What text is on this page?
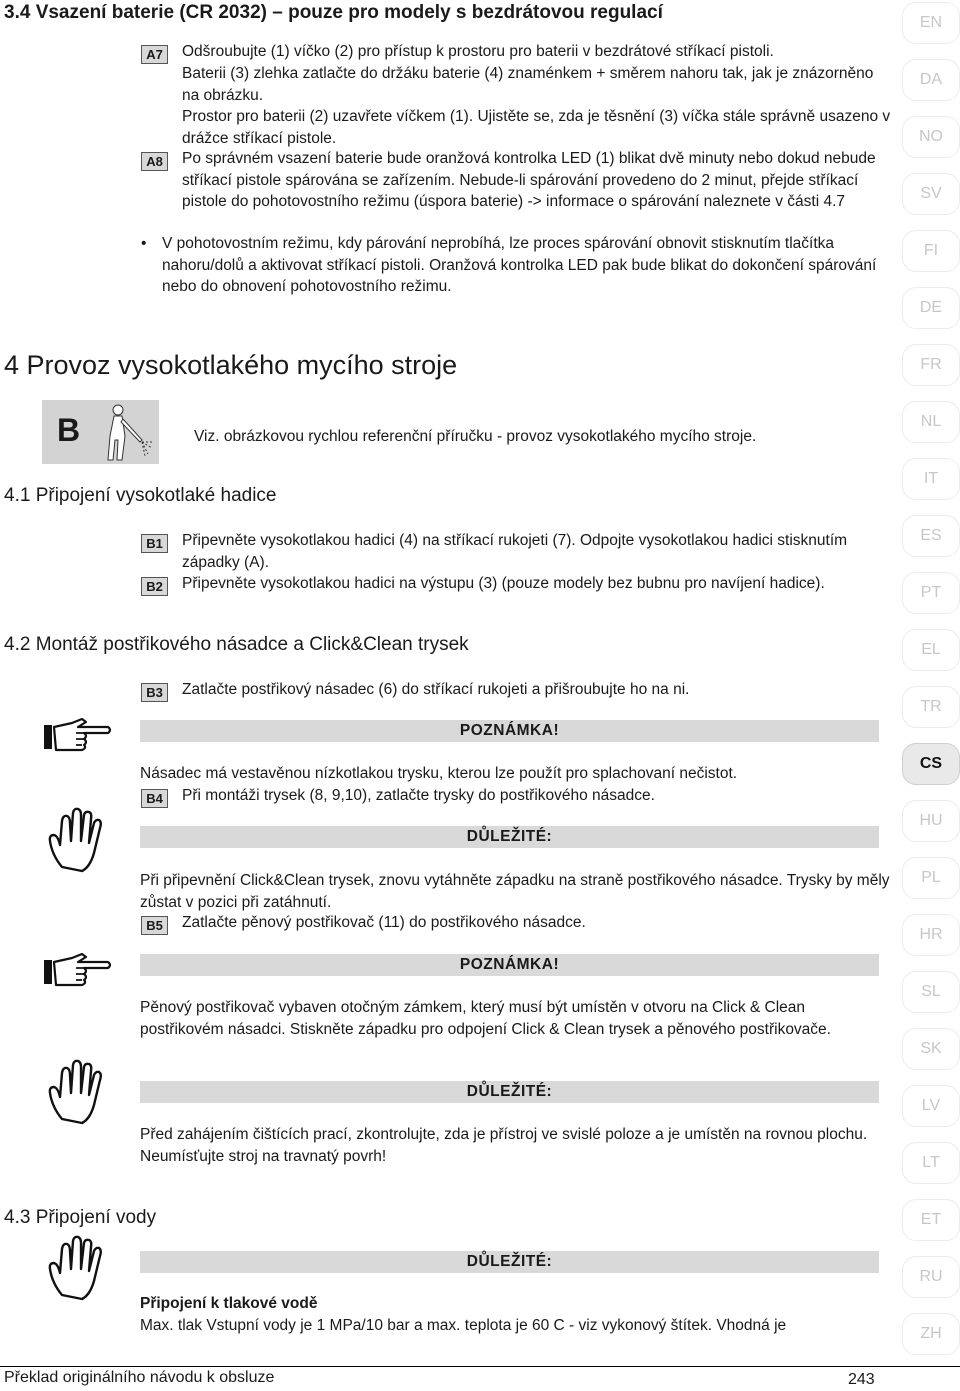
3.4 Vsazení baterie (CR 2032) – pouze pro modely s bezdrátovou regulací
A7	Odšroubujte (1) víčko (2) pro přístup k prostoru pro baterii v bezdrátové stříkací pistoli.
Baterii (3) zlehka zatlačte do držáku baterie (4) znaménkem + směrem nahoru tak, jak je znázorněno na obrázku.
Prostor pro baterii (2) uzavřete víčkem (1). Ujistěte se, zda je těsnění (3) víčka stále správně usazeno v drážce stříkací pistole.
A8	Po správném vsazení baterie bude oranžová kontrolka LED (1) blikat dvě minuty nebo dokud nebude stříkací pistole spárována se zařízením. Nebude-li spárování provedeno do 2 minut, přejde stříkací pistole do pohotovostního režimu (úspora baterie) -> informace o spárování naleznete v části 4.7
• V pohotovostním režimu, kdy párování neprobíhá, lze proces spárování obnovit stisknutím tlačítka nahoru/dolů a aktivovat stříkací pistoli. Oranžová kontrolka LED pak bude blikat do dokončení spárování nebo do obnovení pohotovostního režimu.
4 Provoz vysokotlakého mycího stroje
B	Viz. obrázkovou rychlou referenční příručku - provoz vysokotlakého mycího stroje.
4.1 Připojení vysokotlaké hadice
B1	Připevněte vysokotlakou hadici (4) na stříkací rukojeti (7). Odpojte vysokotlakou hadici stisknutím západky (A).
B2	Připevněte vysokotlakou hadici na výstupu (3) (pouze modely bez bubnu pro navíjení hadice).
4.2 Montáž postřikového násadce a Click&Clean trysek
B3	Zatlačte postřikový násadec (6) do stříkací rukojeti a přišroubujte ho na ni.
POZNÁMKA!
Násadec má vestavěnou nízkotlakou trysku, kterou lze použít pro splachovaní nečistot.
B4	Při montáži trysek (8, 9,10), zatlačte trysky do postřikového násadce.
DŮLEŽITÉ:
Při připevnění Click&Clean trysek, znovu vytáhněte západku na straně postřikového násadce. Trysky by měly zůstat v pozici při zatáhnutí.
B5	Zatlačte pěnový postřikovač (11) do postřikového násadce.
POZNÁMKA!
Pěnový postřikovač vybaven otočným zámkem, který musí být umístěn v otvoru na Click & Clean postřikovém násadci. Stiskněte západku pro odpojení Click & Clean trysek a pěnového postřikovače.
DŮLEŽITÉ:
Před zahájením čištících prací, zkontrolujte, zda je přístroj ve svislé poloze a je umístěn na rovnou plochu. Neumísťujte stroj na travnatý povrh!
4.3 Připojení vody
DŮLEŽITÉ:
Připojení k tlakové vodě
Max. tlak Vstupní vody je 1 MPa/10 bar a max. teplota je 60 C - viz vykonový štítek. Vhodná je
Překlad originálního návodu k obsluze	243
EN
DA
NO
SV
FI
DE
FR
NL
IT
ES
PT
EL
TR
CS
HU
PL
HR
SL
SK
LV
LT
ET
RU
ZH
